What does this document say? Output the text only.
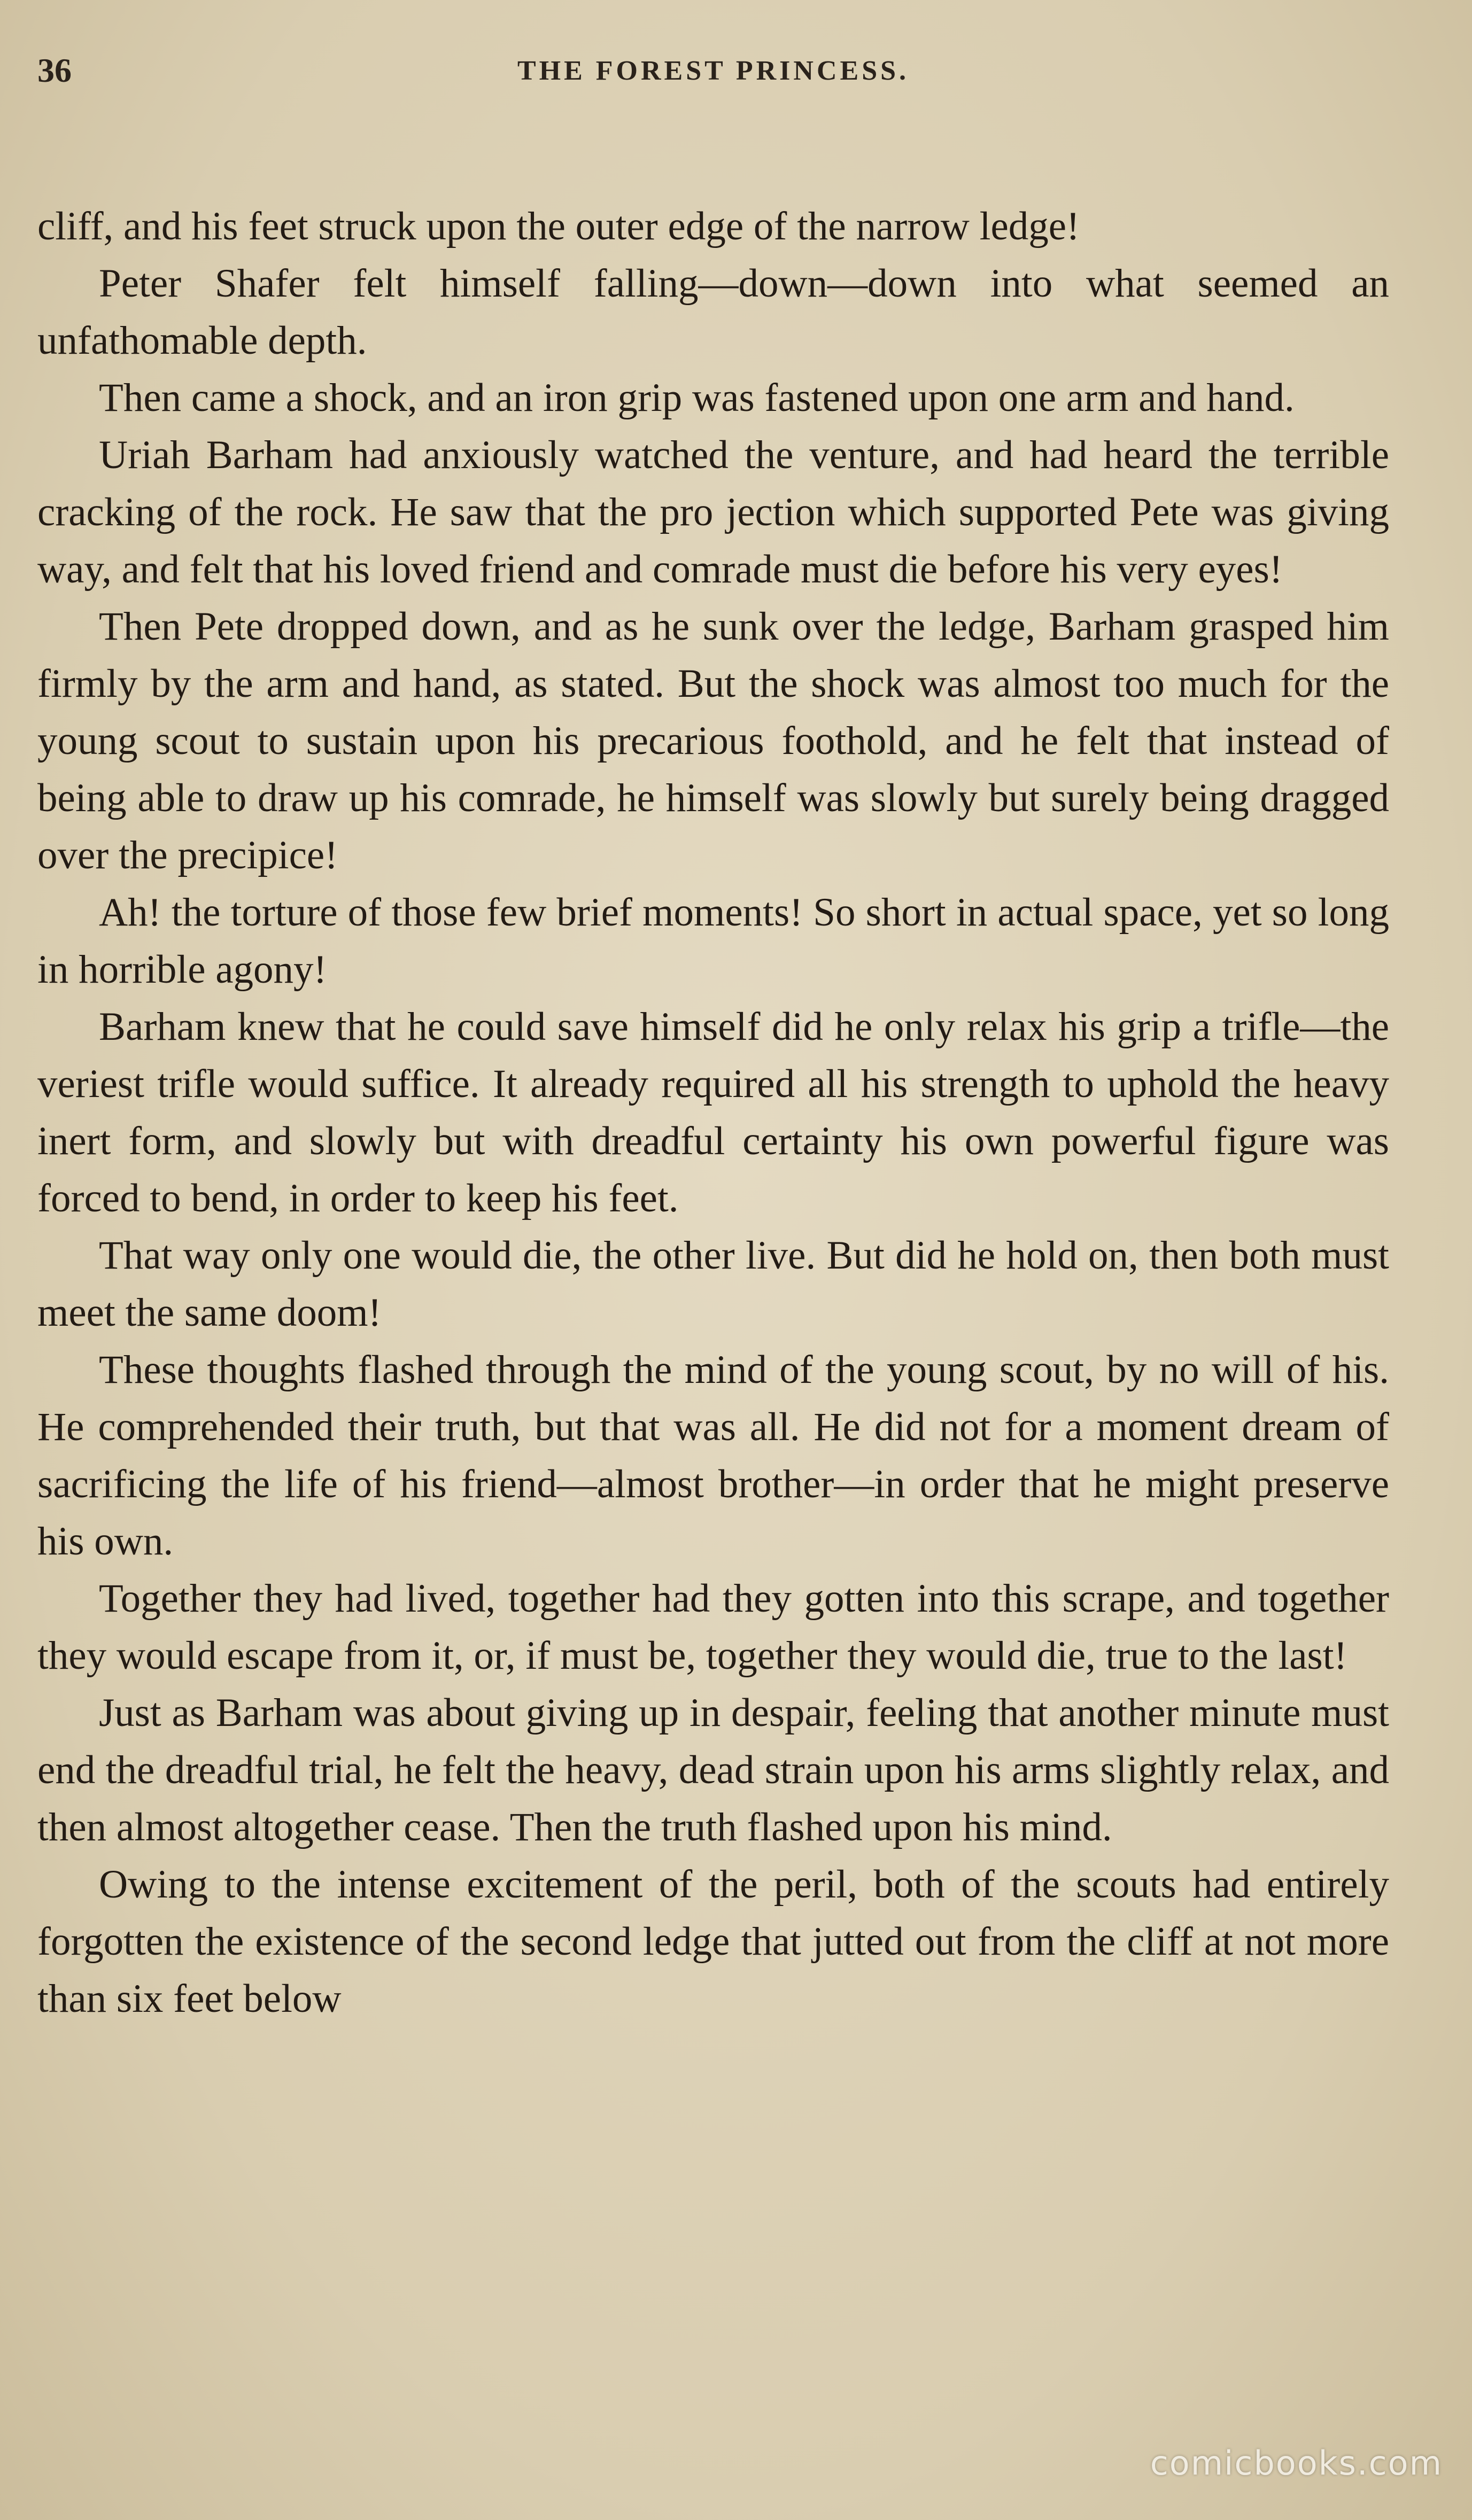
36	THE FOREST PRINCESS.

cliff, and his feet struck upon the outer edge of the narrow ledge!

Peter Shafer felt himself falling—down—down into what seemed an unfathomable depth.

Then came a shock, and an iron grip was fastened upon one arm and hand.

Uriah Barham had anxiously watched the venture, and had heard the terrible cracking of the rock. He saw that the pro jection which supported Pete was giving way, and felt that his loved friend and comrade must die before his very eyes!

Then Pete dropped down, and as he sunk over the ledge, Barham grasped him firmly by the arm and hand, as stated. But the shock was almost too much for the young scout to sustain upon his precarious foothold, and he felt that instead of being able to draw up his comrade, he himself was slowly but surely being dragged over the precipice!

Ah! the torture of those few brief moments! So short in actual space, yet so long in horrible agony!

Barham knew that he could save himself did he only relax his grip a trifle—the veriest trifle would suffice. It already required all his strength to uphold the heavy inert form, and slowly but with dreadful certainty his own powerful figure was forced to bend, in order to keep his feet.

That way only one would die, the other live. But did he hold on, then both must meet the same doom!

These thoughts flashed through the mind of the young scout, by no will of his. He comprehended their truth, but that was all. He did not for a moment dream of sacrificing the life of his friend—almost brother—in order that he might preserve his own.

Together they had lived, together had they gotten into this scrape, and together they would escape from it, or, if must be, together they would die, true to the last!

Just as Barham was about giving up in despair, feeling that another minute must end the dreadful trial, he felt the heavy, dead strain upon his arms slightly relax, and then almost altogether cease. Then the truth flashed upon his mind.

Owing to the intense excitement of the peril, both of the scouts had entirely forgotten the existence of the second ledge that jutted out from the cliff at not more than six feet below

comicbooks.com
